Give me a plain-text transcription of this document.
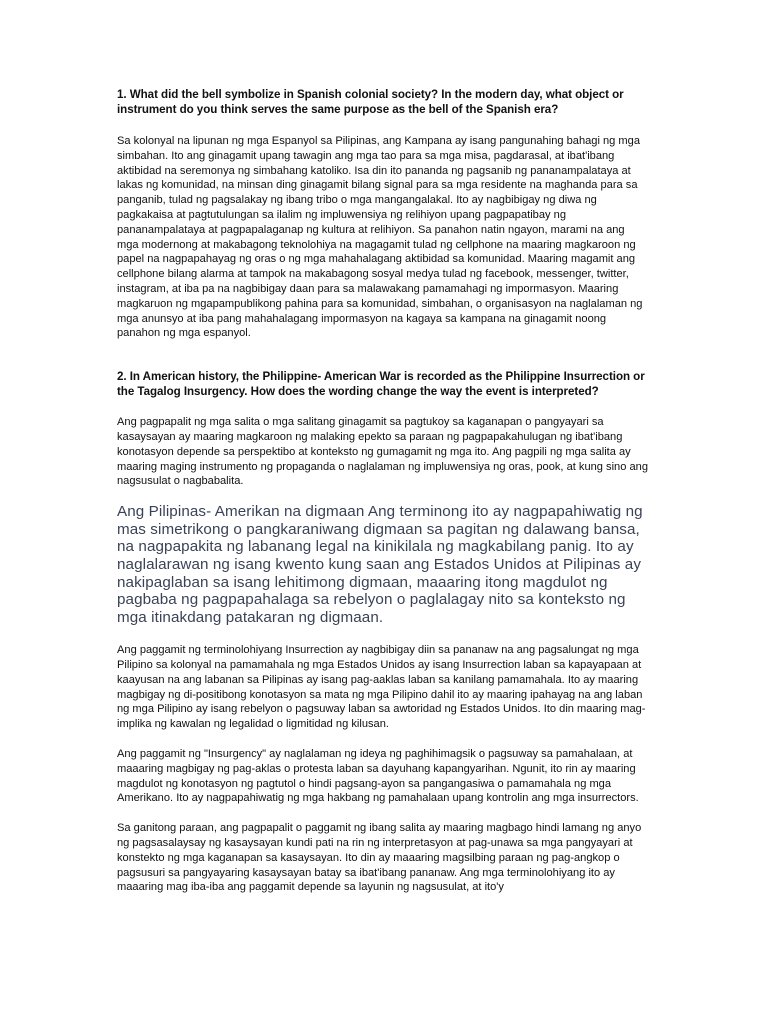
1. What did the bell symbolize in Spanish colonial society? In the modern day, what object or instrument do you think serves the same purpose as the bell of the Spanish era?

Sa kolonyal na lipunan ng mga Espanyol sa Pilipinas, ang Kampana ay isang pangunahing bahagi ng mga simbahan. Ito ang ginagamit upang tawagin ang mga tao para sa mga misa, pagdarasal, at ibat'ibang aktibidad na seremonya ng simbahang katoliko. Isa din ito pananda ng pagsanib ng pananampalataya at lakas ng komunidad, na minsan ding ginagamit bilang signal para sa mga residente na maghanda para sa panganib, tulad ng pagsalakay ng ibang tribo o mga mangangalakal. Ito ay nagbibigay ng diwa ng pagkakaisa at pagtutulungan sa ilalim ng impluwensiya ng relihiyon upang pagpapatibay ng pananampalataya at pagpapalaganap ng kultura at relihiyon. Sa panahon natin ngayon, marami na ang mga modernong at makabagong teknolohiya na magagamit tulad ng cellphone na maaring magkaroon ng papel na nagpapahayag ng oras o ng mga mahahalagang aktibidad sa komunidad. Maaring magamit ang cellphone bilang alarma at tampok na makabagong sosyal medya tulad ng facebook, messenger, twitter, instagram, at iba pa na nagbibigay daan para sa malawakang pamamahagi ng impormasyon. Maaring magkaruon ng mgapampublikong pahina para sa komunidad, simbahan, o organisasyon na naglalaman ng mga anunsyo at iba pang mahahalagang impormasyon na kagaya sa kampana na ginagamit noong panahon ng mga espanyol.

2. In American history, the Philippine- American War is recorded as the Philippine Insurrection or the Tagalog Insurgency. How does the wording change the way the event is interpreted?

Ang pagpapalit ng mga salita o mga salitang ginagamit sa pagtukoy sa kaganapan o pangyayari sa kasaysayan ay maaring magkaroon ng malaking epekto sa paraan ng pagpapakahulugan ng ibat'ibang konotasyon depende sa perspektibo at konteksto ng gumagamit ng mga ito. Ang pagpili ng mga salita ay maaring maging instrumento ng propaganda o naglalaman ng impluwensiya ng oras, pook, at kung sino ang nagsusulat o nagbabalita.

Ang Pilipinas- Amerikan na digmaan Ang terminong ito ay nagpapahiwatig ng mas simetrikong o pangkaraniwang digmaan sa pagitan ng dalawang bansa, na nagpapakita ng labanang legal na kinikilala ng magkabilang panig. Ito ay naglalarawan ng isang kwento kung saan ang Estados Unidos at Pilipinas ay nakipaglaban sa isang lehitimong digmaan, maaaring itong magdulot ng pagbaba ng pagpapahalaga sa rebelyon o paglalagay nito sa konteksto ng mga itinakdang patakaran ng digmaan.

Ang paggamit ng terminolohiyang Insurrection ay nagbibigay diin sa pananaw na ang pagsalungat ng mga Pilipino sa kolonyal na pamamahala ng mga Estados Unidos ay isang Insurrection laban sa kapayapaan at kaayusan na ang labanan sa Pilipinas ay isang pag-aaklas laban sa kanilang pamamahala. Ito ay maaring magbigay ng di-positibong konotasyon sa mata ng mga Pilipino dahil ito ay maaring ipahayag na ang laban ng mga Pilipino ay isang rebelyon o pagsuway laban sa awtoridad ng Estados Unidos. Ito din maaring mag-implika ng kawalan ng legalidad o ligmitidad ng kilusan.

Ang paggamit ng "Insurgency" ay naglalaman ng ideya ng paghihimagsik o pagsuway sa pamahalaan, at maaaring magbigay ng pag-aklas o protesta laban sa dayuhang kapangyarihan. Ngunit, ito rin ay maaring magdulot ng konotasyon ng pagtutol o hindi pagsang-ayon sa pangangasiwa o pamamahala ng mga Amerikano. Ito ay nagpapahiwatig ng mga hakbang ng pamahalaan upang kontrolin ang mga insurrectors.

Sa ganitong paraan, ang pagpapalit o paggamit ng ibang salita ay maaring magbago hindi lamang ng anyo ng pagsasalaysay ng kasaysayan kundi pati na rin ng interpretasyon at pag-unawa sa mga pangyayari at konstekto ng mga kaganapan sa kasaysayan. Ito din ay maaaring magsilbing paraan ng pag-angkop o pagsusuri sa pangyayaring kasaysayan batay sa ibat'ibang pananaw. Ang mga terminolohiyang ito ay maaaring mag iba-iba ang paggamit depende sa layunin ng nagsusulat, at ito'y
